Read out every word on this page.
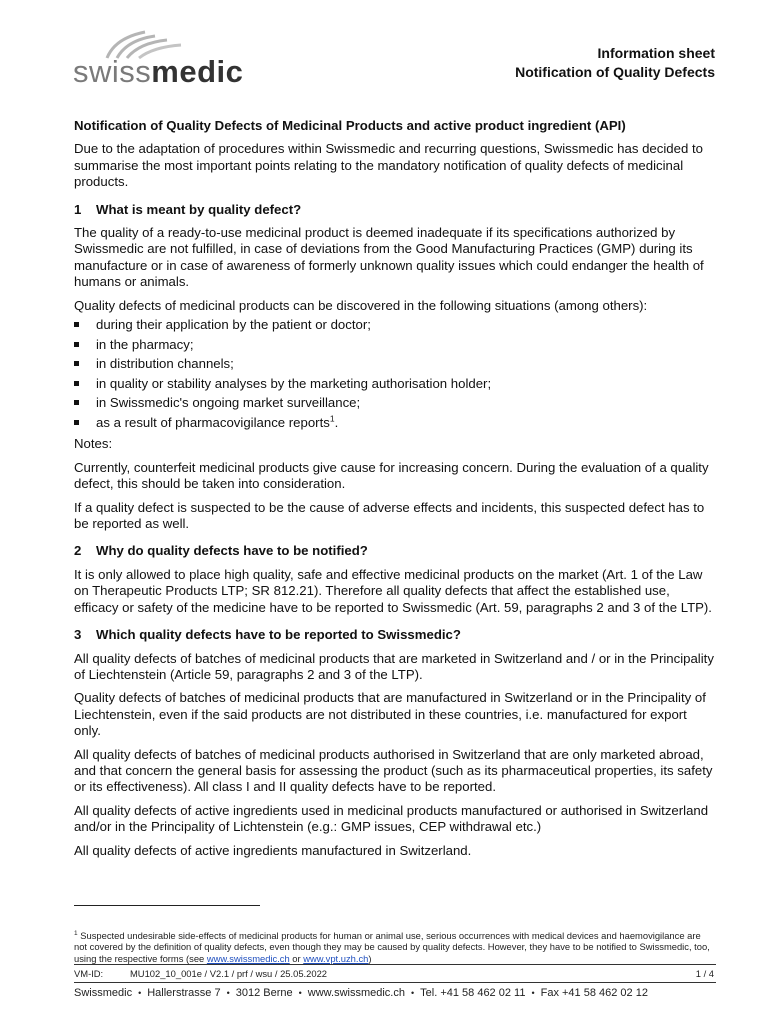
swissmedic
Information sheet
Notification of Quality Defects

Notification of Quality Defects of Medicinal Products and active product ingredient (API)

Due to the adaptation of procedures within Swissmedic and recurring questions, Swissmedic has decided to summarise the most important points relating to the mandatory notification of quality defects of medicinal products.

1	What is meant by quality defect?

The quality of a ready-to-use medicinal product is deemed inadequate if its specifications authorized by Swissmedic are not fulfilled, in case of deviations from the Good Manufacturing Practices (GMP) during its manufacture or in case of awareness of formerly unknown quality issues which could endanger the health of humans or animals.

Quality defects of medicinal products can be discovered in the following situations (among others):

during their application by the patient or doctor;
in the pharmacy;
in distribution channels;
in quality or stability analyses by the marketing authorisation holder;
in Swissmedic's ongoing market surveillance;
as a result of pharmacovigilance reports$^1$.

Notes:

Currently, counterfeit medicinal products give cause for increasing concern. During the evaluation of a quality defect, this should be taken into consideration.

If a quality defect is suspected to be the cause of adverse effects and incidents, this suspected defect has to be reported as well.

2	Why do quality defects have to be notified?

It is only allowed to place high quality, safe and effective medicinal products on the market (Art. 1 of the Law on Therapeutic Products LTP; SR 812.21). Therefore all quality defects that affect the established use, efficacy or safety of the medicine have to be reported to Swissmedic (Art. 59, paragraphs 2 and 3 of the LTP).

3	Which quality defects have to be reported to Swissmedic?

All quality defects of batches of medicinal products that are marketed in Switzerland and / or in the Principality of Liechtenstein (Article 59, paragraphs 2 and 3 of the LTP).

Quality defects of batches of medicinal products that are manufactured in Switzerland or in the Principality of Liechtenstein, even if the said products are not distributed in these countries, i.e. manufactured for export only.

All quality defects of batches of medicinal products authorised in Switzerland that are only marketed abroad, and that concern the general basis for assessing the product (such as its pharmaceutical properties, its safety or its effectiveness). All class I and II quality defects have to be reported.

All quality defects of active ingredients used in medicinal products manufactured or authorised in Switzerland and/or in the Principality of Lichtenstein (e.g.: GMP issues, CEP withdrawal etc.)

All quality defects of active ingredients manufactured in Switzerland.

$^1$ Suspected undesirable side-effects of medicinal products for human or animal use, serious occurrences with medical devices and haemovigilance are not covered by the definition of quality defects, even though they may be caused by quality defects. However, they have to be notified to Swissmedic, too, using the respective forms (see www.swissmedic.ch or www.vpt.uzh.ch)
VM-ID:	MU102_10_001e / V2.1 / prf / wsu / 25.05.2022	1 / 4
Swissmedic • Hallerstrasse 7 • 3012 Berne • www.swissmedic.ch • Tel. +41 58 462 02 11 • Fax +41 58 462 02 12
